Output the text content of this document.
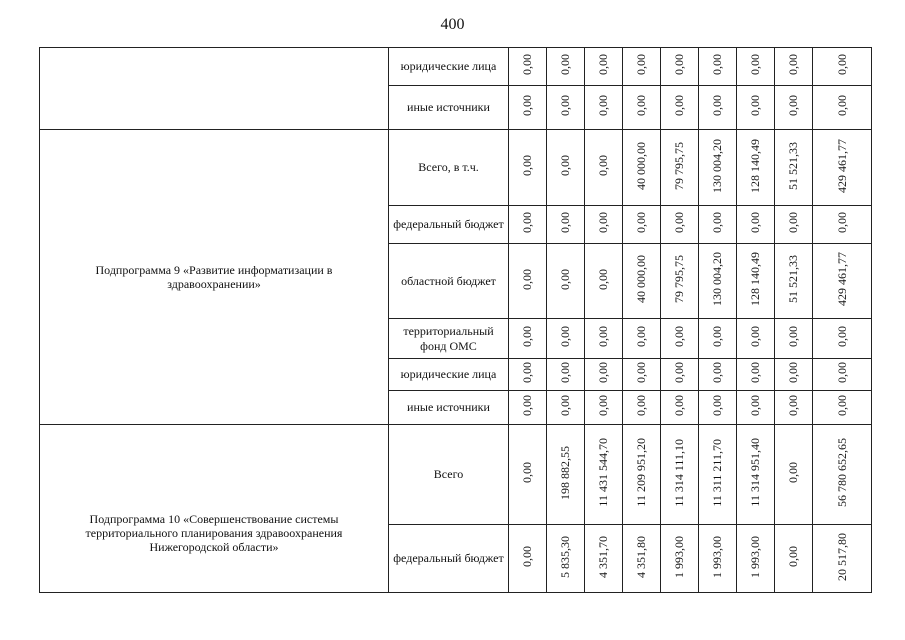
400
	юридические лица	0,00	0,00	0,00	0,00	0,00	0,00	0,00	0,00	0,00
	иные источники	0,00	0,00	0,00	0,00	0,00	0,00	0,00	0,00	0,00
Подпрограмма 9 «Развитие информатизации в здравоохранении»	Всего, в т.ч.	0,00	0,00	0,00	40 000,00	79 795,75	130 004,20	128 140,49	51 521,33	429 461,77
	федеральный бюджет	0,00	0,00	0,00	0,00	0,00	0,00	0,00	0,00	0,00
	областной бюджет	0,00	0,00	0,00	40 000,00	79 795,75	130 004,20	128 140,49	51 521,33	429 461,77
	территориальный фонд ОМС	0,00	0,00	0,00	0,00	0,00	0,00	0,00	0,00	0,00
	юридические лица	0,00	0,00	0,00	0,00	0,00	0,00	0,00	0,00	0,00
	иные источники	0,00	0,00	0,00	0,00	0,00	0,00	0,00	0,00	0,00
Подпрограмма 10 «Совершенствование системы территориального планирования здравоохранения Нижегородской области»	Всего	0,00	198 882,55	11 431 544,70	11 209 951,20	11 314 111,10	11 311 211,70	11 314 951,40	0,00	56 780 652,65
	федеральный бюджет	0,00	5 835,30	4 351,70	4 351,80	1 993,00	1 993,00	1 993,00	0,00	20 517,80
